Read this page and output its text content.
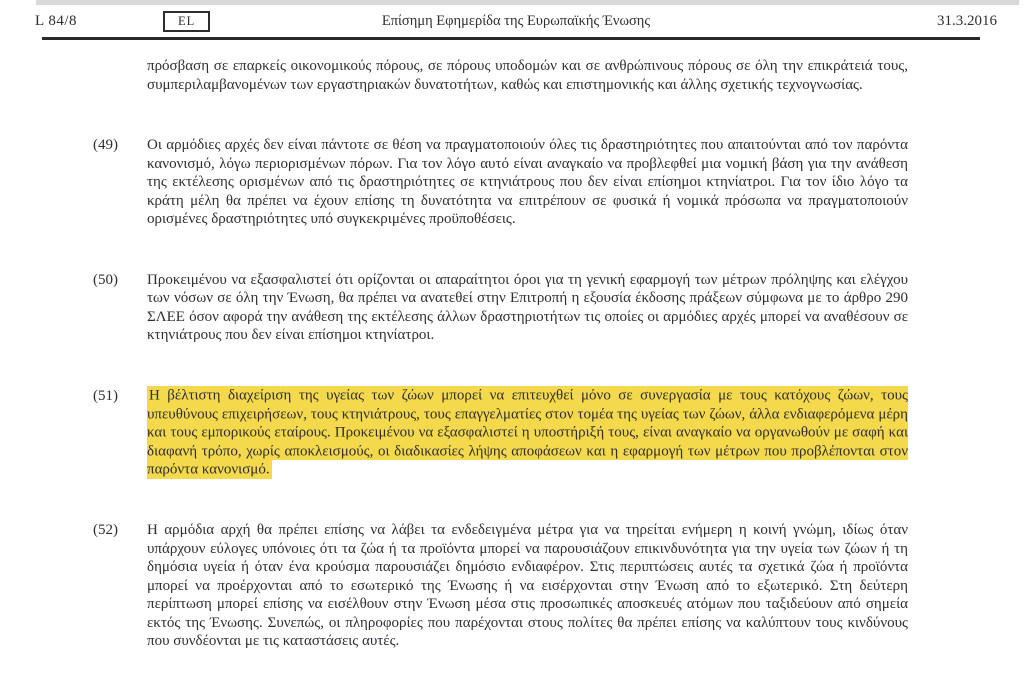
L 84/8	EL	Επίσημη Εφημερίδα της Ευρωπαϊκής Ένωσης	31.3.2016
πρόσβαση σε επαρκείς οικονομικούς πόρους, σε πόρους υποδομών και σε ανθρώπινους πόρους σε όλη την επικράτειά τους, συμπεριλαμβανομένων των εργαστηριακών δυνατοτήτων, καθώς και επιστημονικής και άλλης σχετικής τεχνογνωσίας.
(49) Οι αρμόδιες αρχές δεν είναι πάντοτε σε θέση να πραγματοποιούν όλες τις δραστηριότητες που απαιτούνται από τον παρόντα κανονισμό, λόγω περιορισμένων πόρων. Για τον λόγο αυτό είναι αναγκαίο να προβλεφθεί μια νομική βάση για την ανάθεση της εκτέλεσης ορισμένων από τις δραστηριότητες σε κτηνιάτρους που δεν είναι επίσημοι κτηνίατροι. Για τον ίδιο λόγο τα κράτη μέλη θα πρέπει να έχουν επίσης τη δυνατότητα να επιτρέπουν σε φυσικά ή νομικά πρόσωπα να πραγματοποιούν ορισμένες δραστηριότητες υπό συγκεκριμένες προϋποθέσεις.
(50) Προκειμένου να εξασφαλιστεί ότι ορίζονται οι απαραίτητοι όροι για τη γενική εφαρμογή των μέτρων πρόληψης και ελέγχου των νόσων σε όλη την Ένωση, θα πρέπει να ανατεθεί στην Επιτροπή η εξουσία έκδοσης πράξεων σύμφωνα με το άρθρο 290 ΣΛΕΕ όσον αφορά την ανάθεση της εκτέλεσης άλλων δραστηριοτήτων τις οποίες οι αρμόδιες αρχές μπορεί να αναθέσουν σε κτηνιάτρους που δεν είναι επίσημοι κτηνίατροι.
(51) Η βέλτιστη διαχείριση της υγείας των ζώων μπορεί να επιτευχθεί μόνο σε συνεργασία με τους κατόχους ζώων, τους υπευθύνους επιχειρήσεων, τους κτηνιάτρους, τους επαγγελματίες στον τομέα της υγείας των ζώων, άλλα ενδιαφερόμενα μέρη και τους εμπορικούς εταίρους. Προκειμένου να εξασφαλιστεί η υποστήριξή τους, είναι αναγκαίο να οργανωθούν με σαφή και διαφανή τρόπο, χωρίς αποκλεισμούς, οι διαδικασίες λήψης αποφάσεων και η εφαρμογή των μέτρων που προβλέπονται στον παρόντα κανονισμό.
(52) Η αρμόδια αρχή θα πρέπει επίσης να λάβει τα ενδεδειγμένα μέτρα για να τηρείται ενήμερη η κοινή γνώμη, ιδίως όταν υπάρχουν εύλογες υπόνοιες ότι τα ζώα ή τα προϊόντα μπορεί να παρουσιάζουν επικινδυνότητα για την υγεία των ζώων ή τη δημόσια υγεία ή όταν ένα κρούσμα παρουσιάζει δημόσιο ενδιαφέρον. Στις περιπτώσεις αυτές τα σχετικά ζώα ή προϊόντα μπορεί να προέρχονται από το εσωτερικό της Ένωσης ή να εισέρχονται στην Ένωση από το εξωτερικό. Στη δεύτερη περίπτωση μπορεί επίσης να εισέλθουν στην Ένωση μέσα στις προσωπικές αποσκευές ατόμων που ταξιδεύουν από σημεία εκτός της Ένωσης. Συνεπώς, οι πληροφορίες που παρέχονται στους πολίτες θα πρέπει επίσης να καλύπτουν τους κινδύνους που συνδέονται με τις καταστάσεις αυτές.
